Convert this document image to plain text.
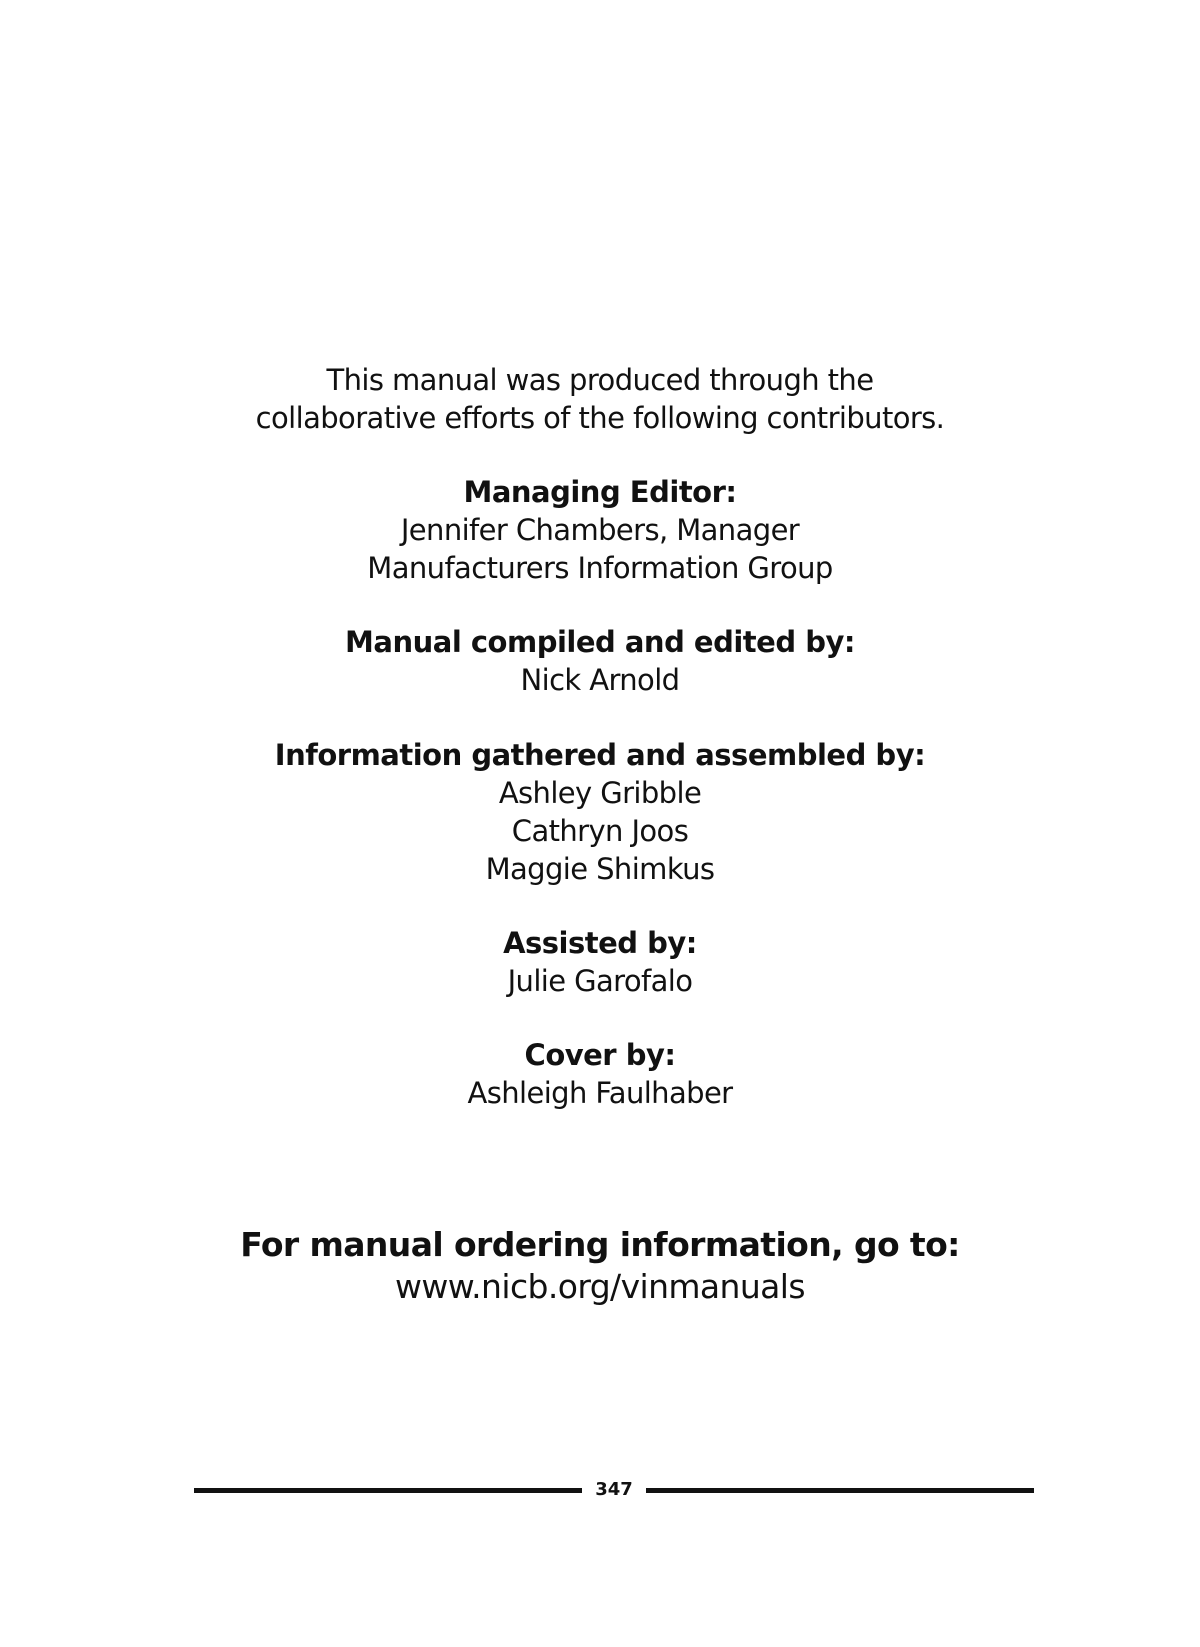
This manual was produced through the
collaborative efforts of the following contributors.
Managing Editor:
Jennifer Chambers, Manager
Manufacturers Information Group
Manual compiled and edited by:
Nick Arnold
Information gathered and assembled by:
Ashley Gribble
Cathryn Joos
Maggie Shimkus
Assisted by:
Julie Garofalo
Cover by:
Ashleigh Faulhaber
For manual ordering information, go to:
www.nicb.org/vinmanuals
347
